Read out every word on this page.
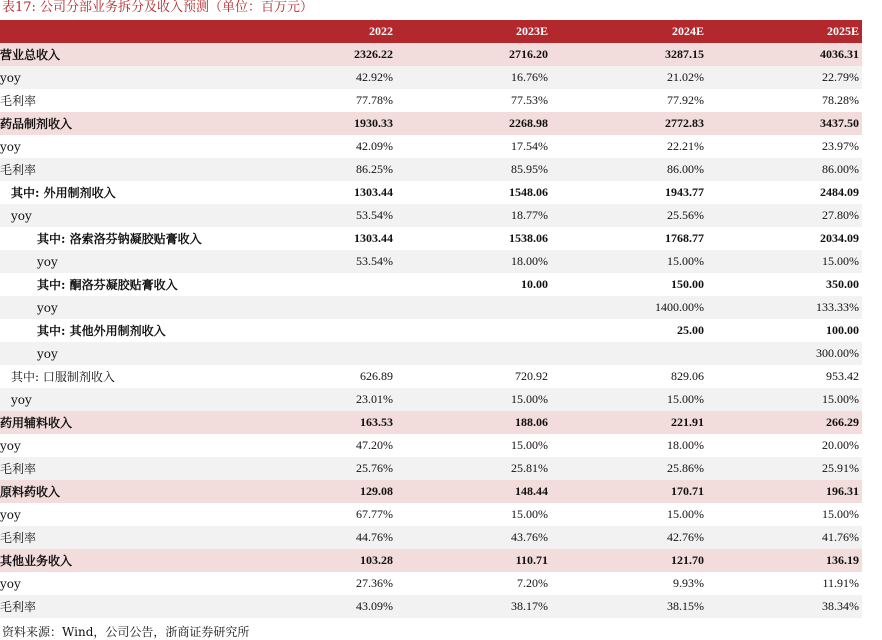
表17: 公司分部业务拆分及收入预测（单位：百万元）
	2022	2023E	2024E	2025E
营业总收入	2326.22	2716.20	3287.15	4036.31
yoy	42.92%	16.76%	21.02%	22.79%
毛利率	77.78%	77.53%	77.92%	78.28%
药品制剂收入	1930.33	2268.98	2772.83	3437.50
yoy	42.09%	17.54%	22.21%	23.97%
毛利率	86.25%	85.95%	86.00%	86.00%
其中: 外用制剂收入	1303.44	1548.06	1943.77	2484.09
yoy	53.54%	18.77%	25.56%	27.80%
其中: 洛索洛芬钠凝胶贴膏收入	1303.44	1538.06	1768.77	2034.09
yoy	53.54%	18.00%	15.00%	15.00%
其中: 酮洛芬凝胶贴膏收入		10.00	150.00	350.00
yoy			1400.00%	133.33%
其中: 其他外用制剂收入			25.00	100.00
yoy				300.00%
其中: 口服制剂收入	626.89	720.92	829.06	953.42
yoy	23.01%	15.00%	15.00%	15.00%
药用辅料收入	163.53	188.06	221.91	266.29
yoy	47.20%	15.00%	18.00%	20.00%
毛利率	25.76%	25.81%	25.86%	25.91%
原料药收入	129.08	148.44	170.71	196.31
yoy	67.77%	15.00%	15.00%	15.00%
毛利率	44.76%	43.76%	42.76%	41.76%
其他业务收入	103.28	110.71	121.70	136.19
yoy	27.36%	7.20%	9.93%	11.91%
毛利率	43.09%	38.17%	38.15%	38.34%
资料来源：Wind，公司公告，浙商证券研究所
